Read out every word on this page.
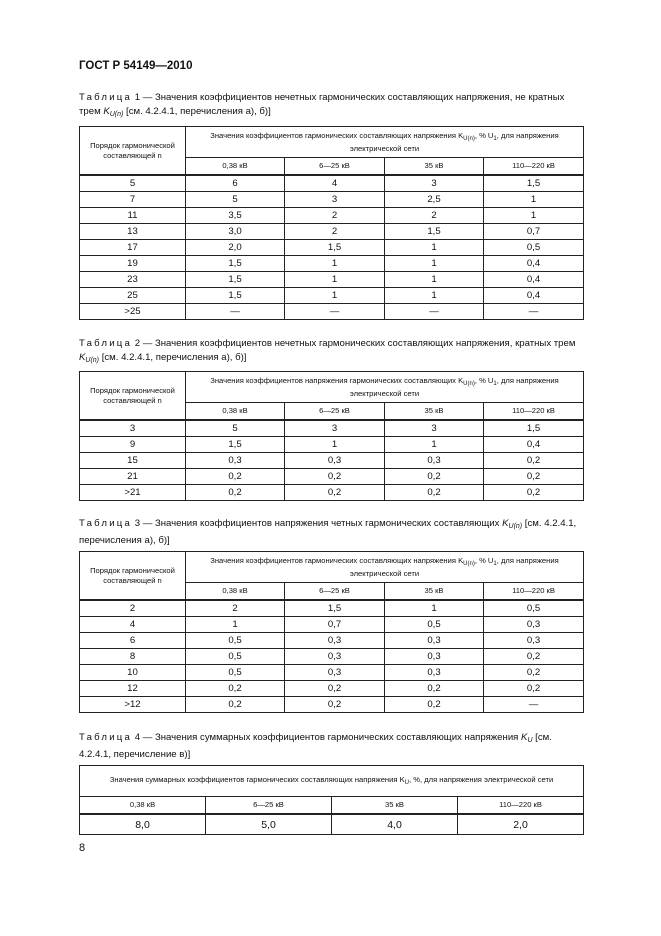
ГОСТ Р 54149—2010
Таблица 1 — Значения коэффициентов нечетных гармонических составляющих напряжения, не кратных трем $K_{U(n)}$ [см. 4.2.4.1, перечисления а), б)]
Порядок гармонической составляющей n	Значения коэффициентов гармонических составляющих напряжения $K_{U(n)}$, % $U_1$, для напряжения электрической сети			
	0,38 кВ	6—25 кВ	35 кВ	110—220 кВ
5	6	4	3	1,5
7	5	3	2,5	1
11	3,5	2	2	1
13	3,0	2	1,5	0,7
17	2,0	1,5	1	0,5
19	1,5	1	1	0,4
23	1,5	1	1	0,4
25	1,5	1	1	0,4
>25	—	—	—	—
Таблица 2 — Значения коэффициентов нечетных гармонических составляющих напряжения, кратных трем $K_{U(n)}$ [см. 4.2.4.1, перечисления а), б)]
Порядок гармонической составляющей n	Значения коэффициентов напряжения гармонических составляющих $K_{U(n)}$, % $U_1$, для напряжения электрической сети			
	0,38 кВ	6—25 кВ	35 кВ	110—220 кВ
3	5	3	3	1,5
9	1,5	1	1	0,4
15	0,3	0,3	0,3	0,2
21	0,2	0,2	0,2	0,2
>21	0,2	0,2	0,2	0,2
Таблица 3 — Значения коэффициентов напряжения четных гармонических составляющих $K_{U(n)}$ [см. 4.2.4.1, перечисления а), б)]
Порядок гармонической составляющей n	Значения коэффициентов гармонических составляющих напряжения $K_{U(n)}$, % $U_1$, для напряжения электрической сети			
	0,38 кВ	6—25 кВ	35 кВ	110—220 кВ
2	2	1,5	1	0,5
4	1	0,7	0,5	0,3
6	0,5	0,3	0,3	0,3
8	0,5	0,3	0,3	0,2
10	0,5	0,3	0,3	0,2
12	0,2	0,2	0,2	0,2
>12	0,2	0,2	0,2	—
Таблица 4 — Значения суммарных коэффициентов гармонических составляющих напряжения $K_U$ [см. 4.2.4.1, перечисление в)]
Значения суммарных коэффициентов гармонических составляющих напряжения $K_U$, %, для напряжения электрической сети			
0,38 кВ	6—25 кВ	35 кВ	110—220 кВ
8,0	5,0	4,0	2,0
8
